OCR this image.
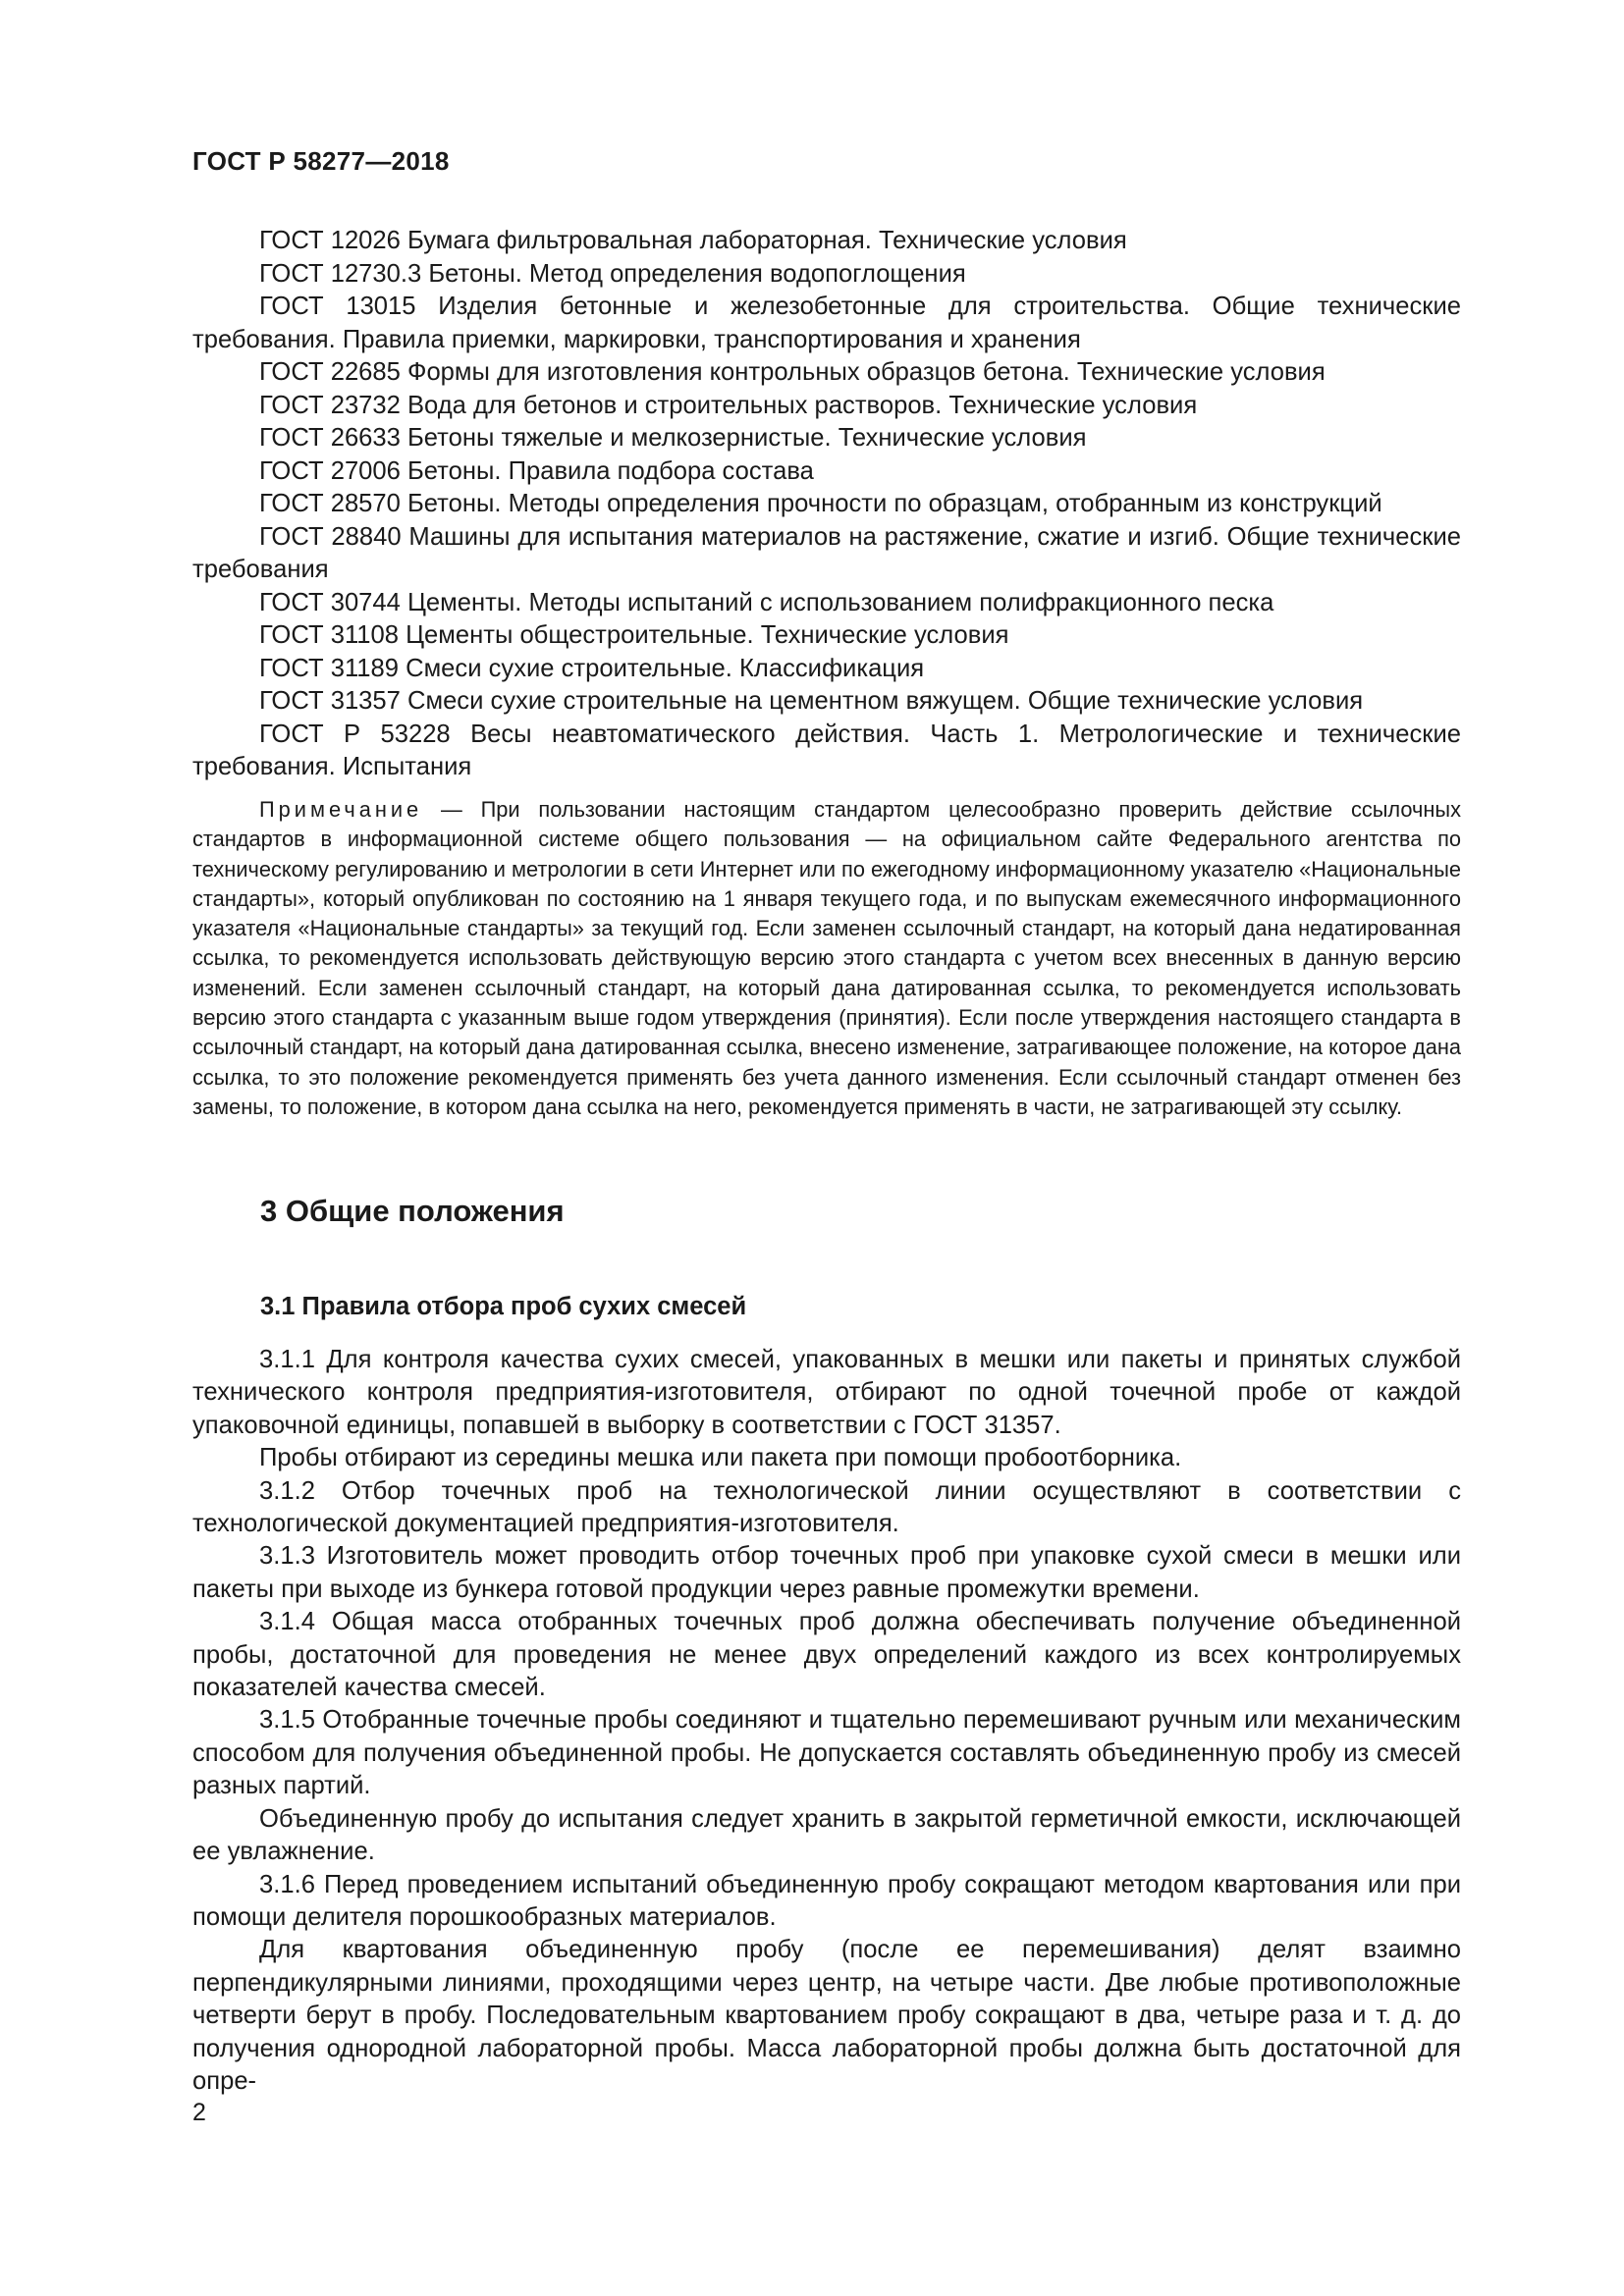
ГОСТ Р 58277—2018

ГОСТ 12026 Бумага фильтровальная лабораторная. Технические условия

ГОСТ 12730.3 Бетоны. Метод определения водопоглощения

ГОСТ 13015 Изделия бетонные и железобетонные для строительства. Общие технические требования. Правила приемки, маркировки, транспортирования и хранения

ГОСТ 22685 Формы для изготовления контрольных образцов бетона. Технические условия

ГОСТ 23732 Вода для бетонов и строительных растворов. Технические условия

ГОСТ 26633 Бетоны тяжелые и мелкозернистые. Технические условия

ГОСТ 27006 Бетоны. Правила подбора состава

ГОСТ 28570 Бетоны. Методы определения прочности по образцам, отобранным из конструкций

ГОСТ 28840 Машины для испытания материалов на растяжение, сжатие и изгиб. Общие технические требования

ГОСТ 30744 Цементы. Методы испытаний с использованием полифракционного песка

ГОСТ 31108 Цементы общестроительные. Технические условия

ГОСТ 31189 Смеси сухие строительные. Классификация

ГОСТ 31357 Смеси сухие строительные на цементном вяжущем. Общие технические условия

ГОСТ Р 53228 Весы неавтоматического действия. Часть 1. Метрологические и технические требования. Испытания

Примечание — При пользовании настоящим стандартом целесообразно проверить действие ссылочных стандартов в информационной системе общего пользования — на официальном сайте Федерального агентства по техническому регулированию и метрологии в сети Интернет или по ежегодному информационному указателю «Национальные стандарты», который опубликован по состоянию на 1 января текущего года, и по выпускам ежемесячного информационного указателя «Национальные стандарты» за текущий год. Если заменен ссылочный стандарт, на который дана недатированная ссылка, то рекомендуется использовать действующую версию этого стандарта с учетом всех внесенных в данную версию изменений. Если заменен ссылочный стандарт, на который дана датированная ссылка, то рекомендуется использовать версию этого стандарта с указанным выше годом утверждения (принятия). Если после утверждения настоящего стандарта в ссылочный стандарт, на который дана датированная ссылка, внесено изменение, затрагивающее положение, на которое дана ссылка, то это положение рекомендуется применять без учета данного изменения. Если ссылочный стандарт отменен без замены, то положение, в котором дана ссылка на него, рекомендуется применять в части, не затрагивающей эту ссылку.

3 Общие положения
3.1 Правила отбора проб сухих смесей

3.1.1 Для контроля качества сухих смесей, упакованных в мешки или пакеты и принятых службой технического контроля предприятия-изготовителя, отбирают по одной точечной пробе от каждой упаковочной единицы, попавшей в выборку в соответствии с ГОСТ 31357.

Пробы отбирают из середины мешка или пакета при помощи пробоотборника.

3.1.2 Отбор точечных проб на технологической линии осуществляют в соответствии с технологической документацией предприятия-изготовителя.

3.1.3 Изготовитель может проводить отбор точечных проб при упаковке сухой смеси в мешки или пакеты при выходе из бункера готовой продукции через равные промежутки времени.

3.1.4 Общая масса отобранных точечных проб должна обеспечивать получение объединенной пробы, достаточной для проведения не менее двух определений каждого из всех контролируемых показателей качества смесей.

3.1.5 Отобранные точечные пробы соединяют и тщательно перемешивают ручным или механическим способом для получения объединенной пробы. Не допускается составлять объединенную пробу из смесей разных партий.

Объединенную пробу до испытания следует хранить в закрытой герметичной емкости, исключающей ее увлажнение.

3.1.6 Перед проведением испытаний объединенную пробу сокращают методом квартования или при помощи делителя порошкообразных материалов.

Для квартования объединенную пробу (после ее перемешивания) делят взаимно перпендикулярными линиями, проходящими через центр, на четыре части. Две любые противоположные четверти берут в пробу. Последовательным квартованием пробу сокращают в два, четыре раза и т. д. до получения однородной лабораторной пробы. Масса лабораторной пробы должна быть достаточной для опре-

2
